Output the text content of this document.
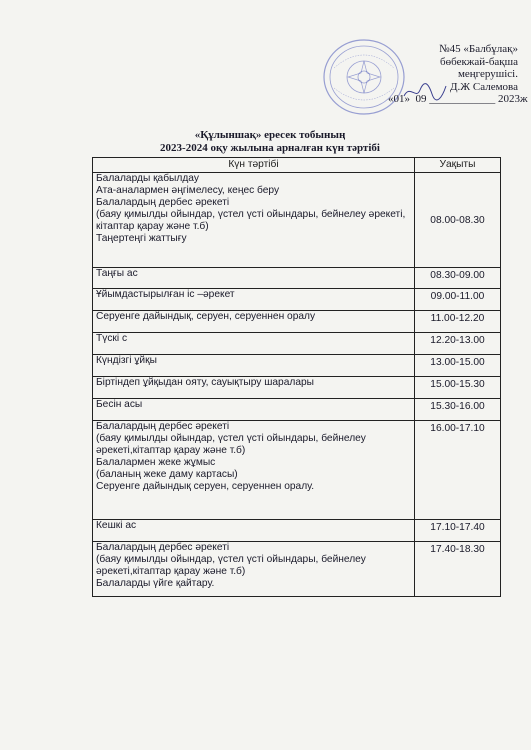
№45 «Балбұлақ»
бөбекжай-бақша
меңгерушісі.
Д.Ж Салемова
«01» 09 ____________ 2023ж
«Құлыншақ» ересек тобының
2023-2024 оқу жылына арналған күн тәртібі
Күн тәртібі	Уақыты

Балаларды қабылдау
Ата-аналармен әңгімелесу, кеңес беру
Балалардың дербес әрекеті
(баяу қимылды ойындар, үстел үсті ойындары, бейнелеу әрекеті, кітаптар қарау және т.б)
Таңертеңгі жаттығу	08.00-08.30

Таңғы ас	08.30-09.00

Ұйымдастырылған іс –әрекет	09.00-11.00

Серуенге дайындық, серуен, серуеннен оралу	11.00-12.20

Түскі с	12.20-13.00

Күндізгі ұйқы	13.00-15.00

Біртіндеп ұйқыдан ояту, сауықтыру шаралары	15.00-15.30

Бесін асы	15.30-16.00

Балалардың дербес әрекеті
(баяу қимылды ойындар, үстел үсті ойындары, бейнелеу әрекеті,кітаптар қарау және т.б)
Балалармен жеке жұмыс
(баланың жеке даму картасы)
Серуенге дайындық серуен, серуеннен оралу.	16.00-17.10

Кешкі ас	17.10-17.40

Балалардың дербес әрекеті
(баяу қимылды ойындар, үстел үсті ойындары, бейнелеу әрекеті,кітаптар қарау және т.б)
Балаларды үйге қайтару.	17.40-18.30
